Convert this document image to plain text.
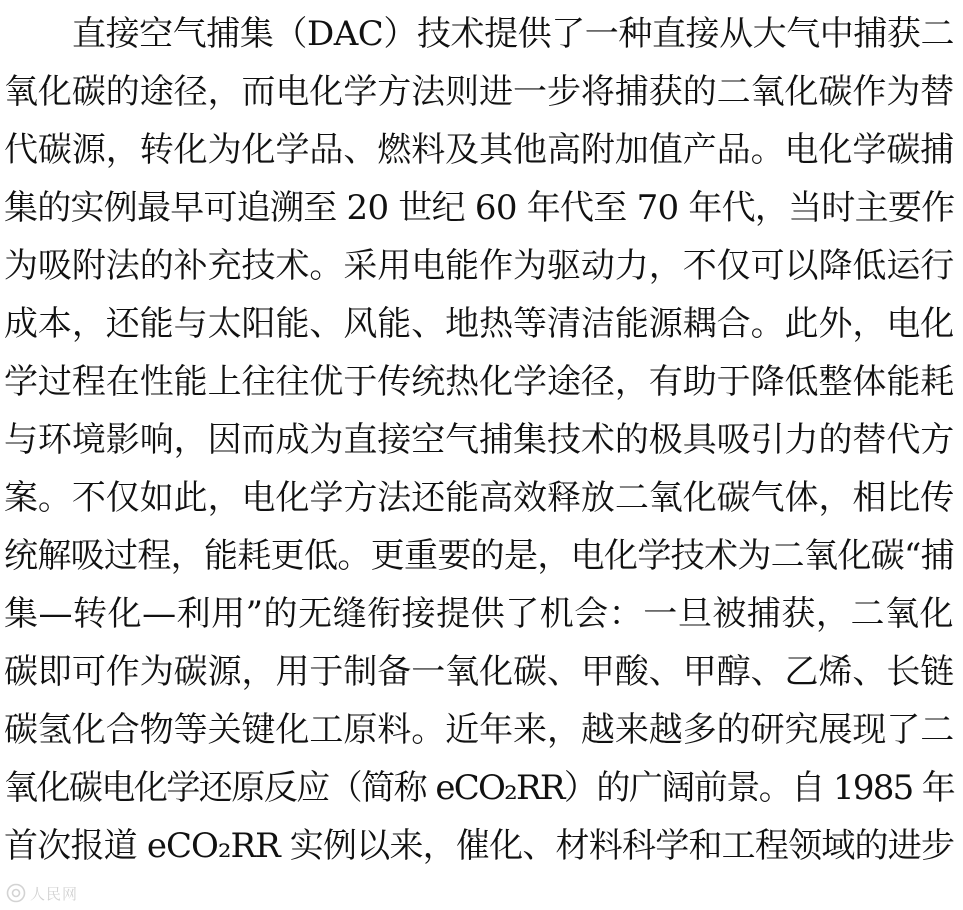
直接空气捕集（DAC）技术提供了一种直接从大气中捕获二
氧化碳的途径，而电化学方法则进一步将捕获的二氧化碳作为替
代碳源，转化为化学品、燃料及其他高附加值产品。电化学碳捕
集的实例最早可追溯至 20 世纪 60 年代至 70 年代，当时主要作
为吸附法的补充技术。采用电能作为驱动力，不仅可以降低运行
成本，还能与太阳能、风能、地热等清洁能源耦合。此外，电化
学过程在性能上往往优于传统热化学途径，有助于降低整体能耗
与环境影响，因而成为直接空气捕集技术的极具吸引力的替代方
案。不仅如此，电化学方法还能高效释放二氧化碳气体，相比传
统解吸过程，能耗更低。更重要的是，电化学技术为二氧化碳“捕
集—转化—利用”的无缝衔接提供了机会：一旦被捕获，二氧化
碳即可作为碳源，用于制备一氧化碳、甲酸、甲醇、乙烯、长链
碳氢化合物等关键化工原料。近年来，越来越多的研究展现了二
氧化碳电化学还原反应（简称 eCO₂RR）的广阔前景。自 1985 年
首次报道 eCO₂RR 实例以来，催化、材料科学和工程领域的进步
人民网
